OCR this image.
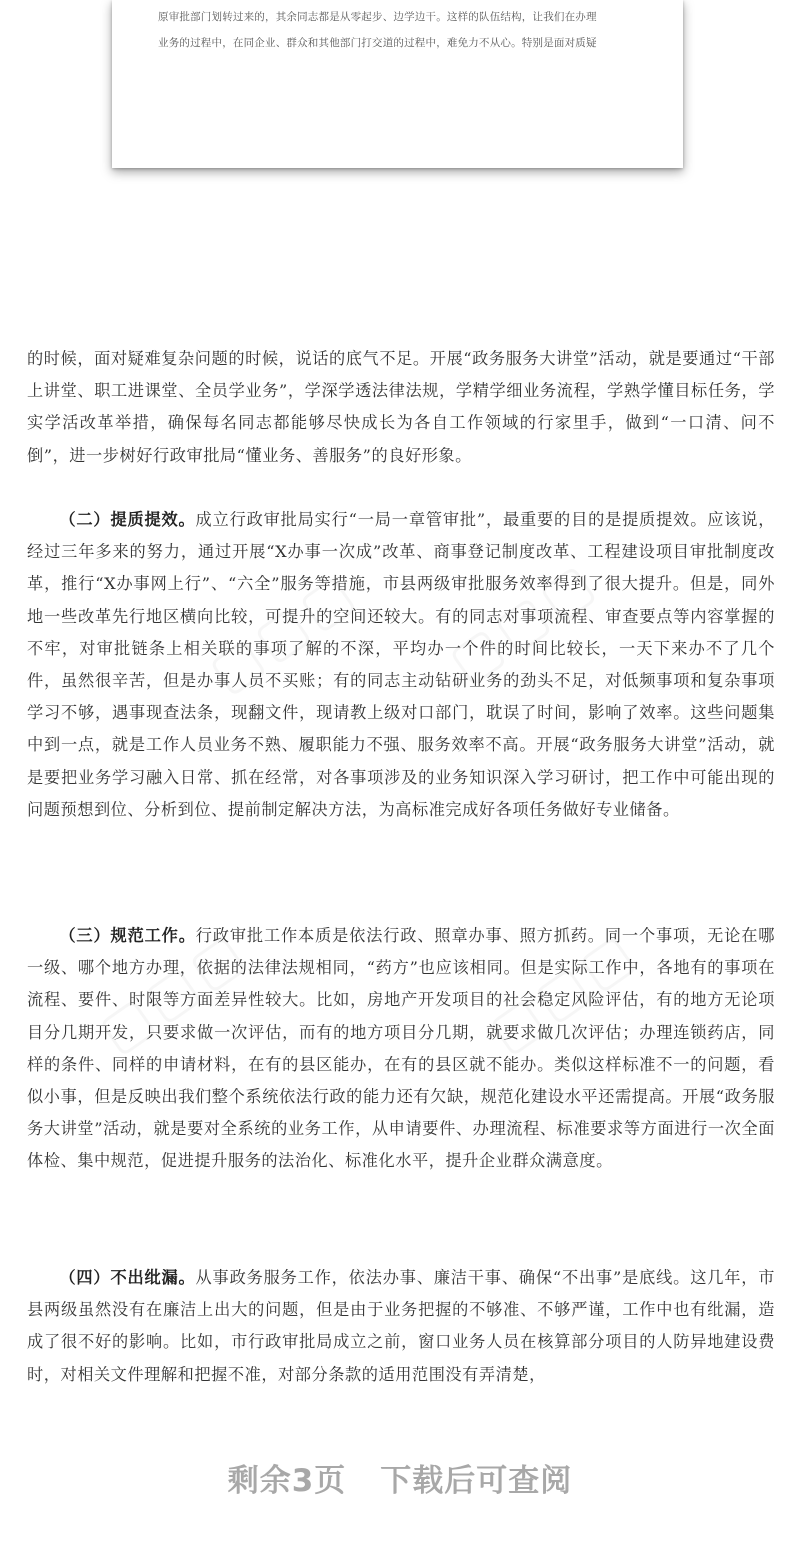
原审批部门划转过来的，其余同志都是从零起步、边学边干。这样的队伍结构，让我们在办理

业务的过程中，在同企业、群众和其他部门打交道的过程中，难免力不从心。特别是面对质疑

的时候，面对疑难复杂问题的时候，说话的底气不足。开展“政务服务大讲堂”活动，就是要通过“干部上讲堂、职工进课堂、全员学业务”，学深学透法律法规，学精学细业务流程，学熟学懂目标任务，学实学活改革举措，确保每名同志都能够尽快成长为各自工作领域的行家里手，做到“一口清、问不倒”，进一步树好行政审批局“懂业务、善服务”的良好形象。

（二）提质提效。成立行政审批局实行“一局一章管审批”，最重要的目的是提质提效。应该说，经过三年多来的努力，通过开展“X办事一次成”改革、商事登记制度改革、工程建设项目审批制度改革，推行“X办事网上行”、“六全”服务等措施，市县两级审批服务效率得到了很大提升。但是，同外地一些改革先行地区横向比较，可提升的空间还较大。有的同志对事项流程、审查要点等内容掌握的不牢，对审批链条上相关联的事项了解的不深，平均办一个件的时间比较长，一天下来办不了几个件，虽然很辛苦，但是办事人员不买账；有的同志主动钻研业务的劲头不足，对低频事项和复杂事项学习不够，遇事现查法条，现翻文件，现请教上级对口部门，耽误了时间，影响了效率。这些问题集中到一点，就是工作人员业务不熟、履职能力不强、服务效率不高。开展“政务服务大讲堂”活动，就是要把业务学习融入日常、抓在经常，对各事项涉及的业务知识深入学习研讨，把工作中可能出现的问题预想到位、分析到位、提前制定解决方法，为高标准完成好各项任务做好专业储备。

（三）规范工作。行政审批工作本质是依法行政、照章办事、照方抓药。同一个事项，无论在哪一级、哪个地方办理，依据的法律法规相同，“药方”也应该相同。但是实际工作中，各地有的事项在流程、要件、时限等方面差异性较大。比如，房地产开发项目的社会稳定风险评估，有的地方无论项目分几期开发，只要求做一次评估，而有的地方项目分几期，就要求做几次评估；办理连锁药店，同样的条件、同样的申请材料，在有的县区能办，在有的县区就不能办。类似这样标准不一的问题，看似小事，但是反映出我们整个系统依法行政的能力还有欠缺，规范化建设水平还需提高。开展“政务服务大讲堂”活动，就是要对全系统的业务工作，从申请要件、办理流程、标准要求等方面进行一次全面体检、集中规范，促进提升服务的法治化、标准化水平，提升企业群众满意度。

（四）不出纰漏。从事政务服务工作，依法办事、廉洁干事、确保“不出事”是底线。这几年，市县两级虽然没有在廉洁上出大的问题，但是由于业务把握的不够准、不够严谨，工作中也有纰漏，造成了很不好的影响。比如，市行政审批局成立之前，窗口业务人员在核算部分项目的人防异地建设费时，对相关文件理解和把握不准，对部分条款的适用范围没有弄清楚，

剩余3页 下载后可查阅
